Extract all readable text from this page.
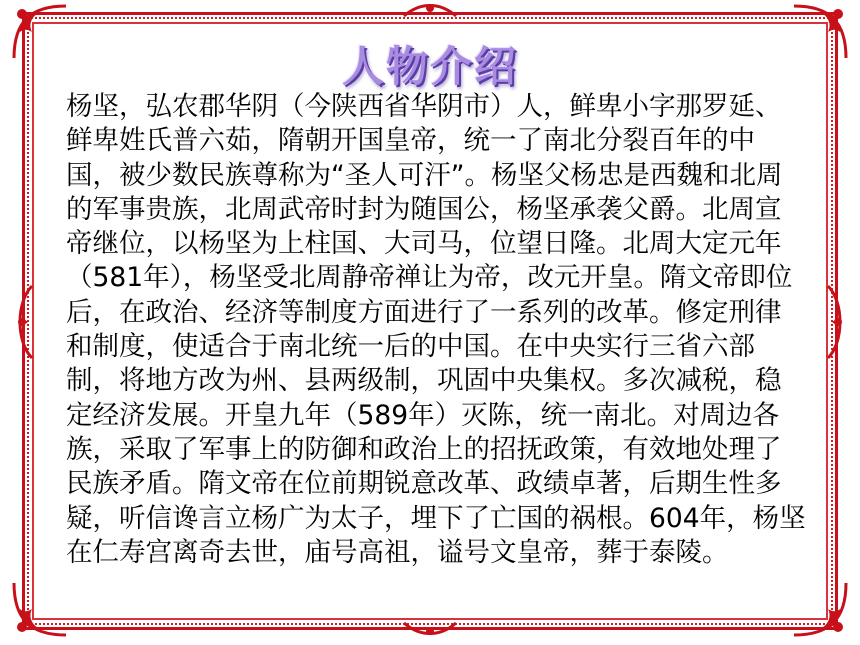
人物介绍
杨坚，弘农郡华阴（今陕西省华阴市）人，鲜卑小字那罗延、鲜卑姓氏普六茹，隋朝开国皇帝，统一了南北分裂百年的中国，被少数民族尊称为“圣人可汗”。杨坚父杨忠是西魏和北周的军事贵族，北周武帝时封为随国公，杨坚承袭父爵。北周宣帝继位，以杨坚为上柱国、大司马，位望日隆。北周大定元年（581年），杨坚受北周静帝禅让为帝，改元开皇。隋文帝即位后，在政治、经济等制度方面进行了一系列的改革。修定刑律和制度，使适合于南北统一后的中国。在中央实行三省六部制，将地方改为州、县两级制，巩固中央集权。多次减税，稳定经济发展。开皇九年（589年）灭陈，统一南北。对周边各族，采取了军事上的防御和政治上的招抚政策，有效地处理了民族矛盾。隋文帝在位前期锐意改革、政绩卓著，后期生性多疑，听信谗言立杨广为太子，埋下了亡国的祸根。604年，杨坚在仁寿宫离奇去世，庙号高祖，谥号文皇帝，葬于泰陵。
